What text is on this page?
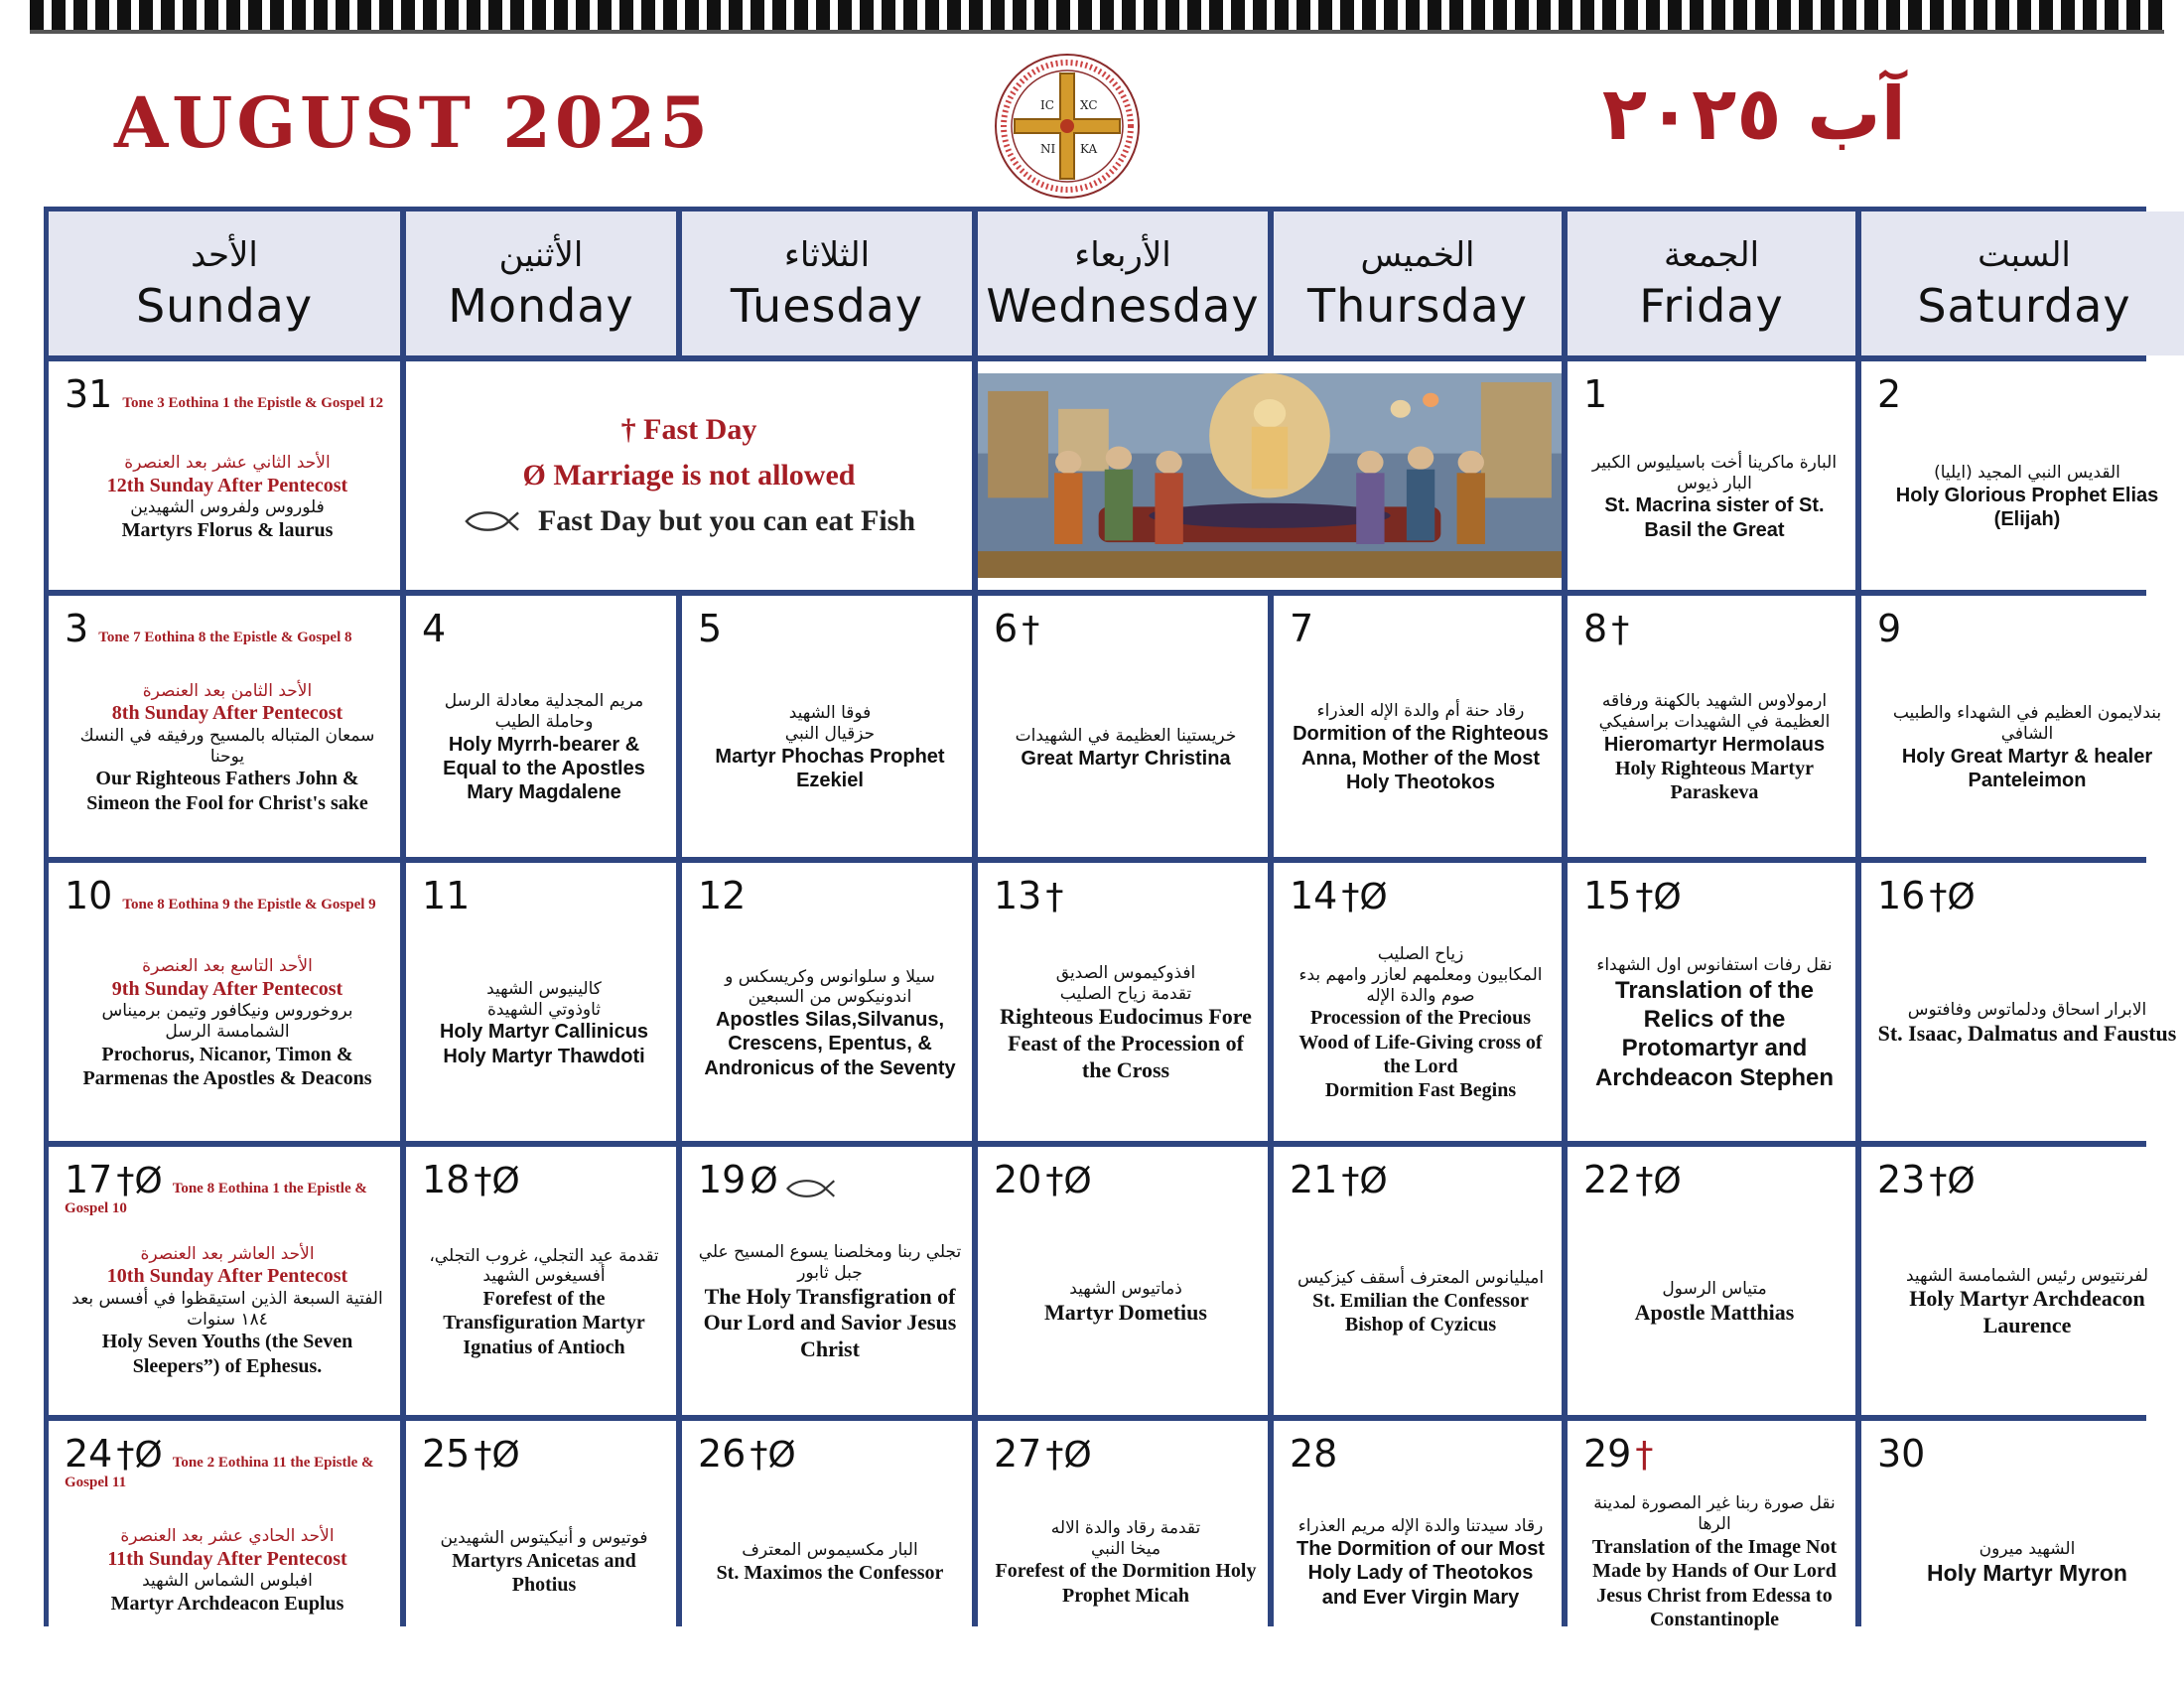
AUGUST 2025	آب ٢٠٢٥
IC XC
NI KA
الأحد
Sunday
الأثنين
Monday
الثلاثاء
Tuesday
الأربعاء
Wednesday
الخميس
Thursday
الجمعة
Friday
السبت
Saturday
31 Tone 3 Eothina 1 the Epistle & Gospel 12
الأحد الثاني عشر بعد العنصرة
12th Sunday After Pentecost
فلوروس ولفروس الشهيدين
Martyrs Florus & laurus
† Fast Day
Ø Marriage is not allowed
Fast Day but you can eat Fish
1
البارة ماكرينا أخت باسيليوس الكبير البار ذيوس
St. Macrina sister of St. Basil the Great
2
القديس النبي المجيد (ايليا)
Holy Glorious Prophet Elias (Elijah)
3 Tone 7 Eothina 8 the Epistle & Gospel 8
الأحد الثامن بعد العنصرة
8th Sunday After Pentecost
سمعان المتباله بالمسيح ورفيقه في النسك يوحنا
Our Righteous Fathers John & Simeon the Fool for Christ's sake
4
مريم المجدلية معادلة الرسل وحاملة الطيب
Holy Myrrh-bearer & Equal to the Apostles Mary Magdalene
5
فوقا الشهيد
حزقيال النبي
Martyr Phochas Prophet Ezekiel
6 †
خريستينا العظيمة في الشهيدات
Great Martyr Christina
7
رقاد حنة أم والدة الإله العذراء
Dormition of the Righteous Anna, Mother of the Most Holy Theotokos
8 †
ارمولاوس الشهيد بالكهنة ورفاقه العظيمة في الشهيدات براسفيكي
Hieromartyr Hermolaus
Holy Righteous Martyr Paraskeva
9
بندلايمون العظيم في الشهداء والطبيب الشافي
Holy Great Martyr & healer Panteleimon
10 Tone 8 Eothina 9 the Epistle & Gospel 9
الأحد التاسع بعد العنصرة
9th Sunday After Pentecost
بروخوروس ونيكافور وتيمن برميناس الشمامسة الرسل
Prochorus, Nicanor, Timon & Parmenas the Apostles & Deacons
11
كالينيوس الشهيد
ثاوذوتي الشهيدة
Holy Martyr Callinicus Holy Martyr Thawdoti
12
سيلا و سلوانوس وكريسكس و اندونيكوس من السبعين
Apostles Silas,Silvanus, Crescens, Epentus, & Andronicus of the Seventy
13 †
افذوكيموس الصديق
تقدمة زياح الصليب
Righteous Eudocimus Fore Feast of the Procession of the Cross
14 †Ø
زياح الصليب
المكابيون ومعلمهم لعازر وامهم بدء صوم والدة الإله
Procession of the Precious Wood of Life-Giving cross of the Lord
Dormition Fast Begins
15 †Ø
نقل رفات استفانوس اول الشهداء
Translation of the Relics of the Protomartyr and Archdeacon Stephen
16 †Ø
الابرار اسحاق ودلماتوس وفافتوس
St. Isaac, Dalmatus and Faustus
17 †Ø Tone 8 Eothina 1 the Epistle & Gospel 10
الأحد العاشر بعد العنصرة
10th Sunday After Pentecost
الفتية السبعة الذين استيقظوا في أفسس بعد ١٨٤ سنوات
Holy Seven Youths (the Seven Sleepers”) of Ephesus.
18 †Ø
تقدمة عيد التجلي، غروب التجلي، أفسيغوس الشهيد
Forefest of the Transfiguration Martyr Ignatius of Antioch
19 Ø
تجلي ربنا ومخلصنا يسوع المسيح علي جبل ثابور
The Holy Transfigration of Our Lord and Savior Jesus Christ
20 †Ø
ذماتيوس الشهيد
Martyr Dometius
21 †Ø
اميليانوس المعترف أسقف كيزكيس
St. Emilian the Confessor Bishop of Cyzicus
22 †Ø
متياس الرسول
Apostle Matthias
23 †Ø
لفرنتيوس رئيس الشمامسة الشهيد
Holy Martyr Archdeacon Laurence
24 †Ø Tone 2 Eothina 11 the Epistle & Gospel 11
الأحد الحادي عشر بعد العنصرة
11th Sunday After Pentecost
افبلوس الشماس الشهيد
Martyr Archdeacon Euplus
25 †Ø
فوتيوس و أنيكيتوس الشهيدين
Martyrs Anicetas and Photius
26 †Ø
البار مكسيموس المعترف
St. Maximos the Confessor
27 †Ø
تقدمة رقاد والدة الاله
ميخا النبي
Forefest of the Dormition Holy Prophet Micah
28
رقاد سيدتنا والدة الإله مريم العذراء
The Dormition of our Most Holy Lady of Theotokos and Ever Virgin Mary
29 †
نقل صورة ربنا غير المصورة لمدينة الرها
Translation of the Image Not Made by Hands of Our Lord Jesus Christ from Edessa to Constantinople
30
الشهيد ميرون
Holy Martyr Myron
